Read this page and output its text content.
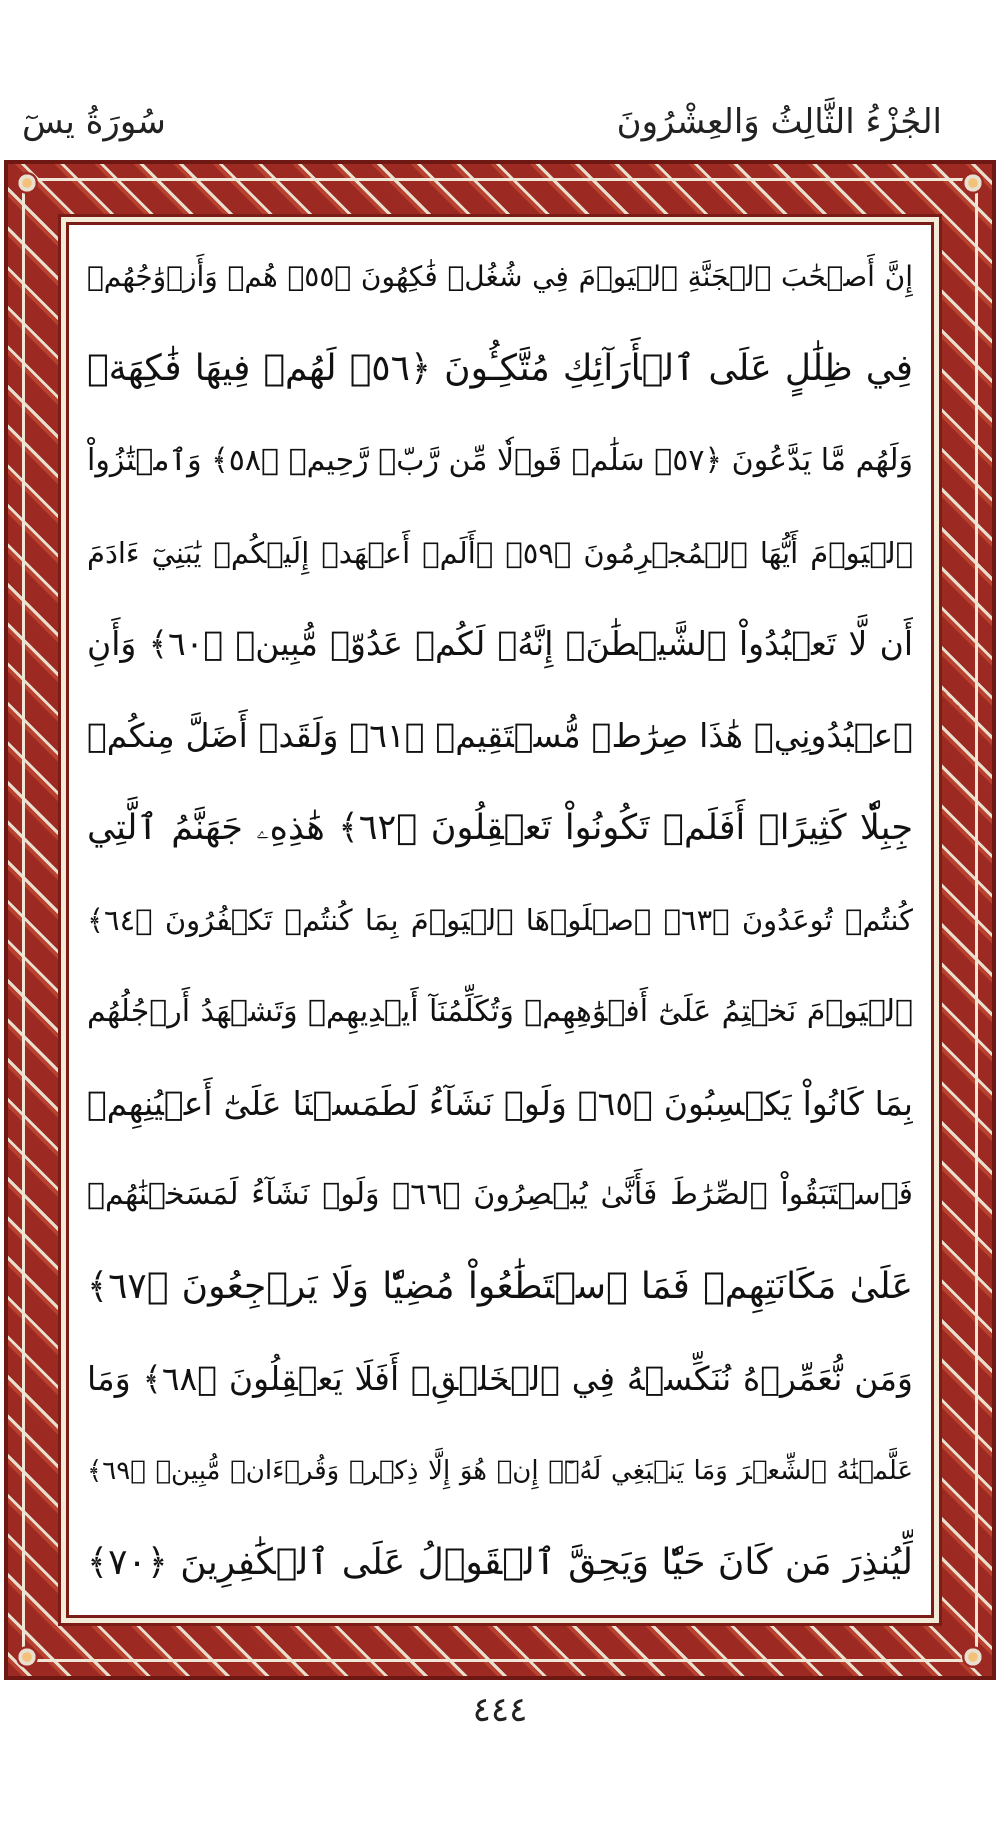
الجُزْءُ الثَّالِثُ وَالعِشْرُونَ
سُورَةُ يسٓ
إِنَّ أَصۡحَٰبَ ٱلۡجَنَّةِ ٱلۡيَوۡمَ فِي شُغُلٖ فَٰكِهُونَ ﴿٥٥﴾ هُمۡ وَأَزۡوَٰجُهُمۡ
فِي ظِلَٰلٍ عَلَى ٱلۡأَرَآئِكِ مُتَّكِـُٔونَ ﴿٥٦﴾ لَهُمۡ فِيهَا فَٰكِهَةٞ
وَلَهُم مَّا يَدَّعُونَ ﴿٥٧﴾ سَلَٰمٞ قَوۡلٗا مِّن رَّبّٖ رَّحِيمٖ ﴿٥٨﴾ وَٱمۡتَٰزُواْ
ٱلۡيَوۡمَ أَيُّهَا ٱلۡمُجۡرِمُونَ ﴿٥٩﴾ ۞أَلَمۡ أَعۡهَدۡ إِلَيۡكُمۡ يَٰبَنِيٓ ءَادَمَ
أَن لَّا تَعۡبُدُواْ ٱلشَّيۡطَٰنَۖ إِنَّهُۥ لَكُمۡ عَدُوّٞ مُّبِينٞ ﴿٦٠﴾ وَأَنِ
ٱعۡبُدُونِيۚ هَٰذَا صِرَٰطٞ مُّسۡتَقِيمٞ ﴿٦١﴾ وَلَقَدۡ أَضَلَّ مِنكُمۡ
جِبِلّٗا كَثِيرًاۖ أَفَلَمۡ تَكُونُواْ تَعۡقِلُونَ ﴿٦٢﴾ هَٰذِهِۦ جَهَنَّمُ ٱلَّتِي
كُنتُمۡ تُوعَدُونَ ﴿٦٣﴾ ٱصۡلَوۡهَا ٱلۡيَوۡمَ بِمَا كُنتُمۡ تَكۡفُرُونَ ﴿٦٤﴾
ٱلۡيَوۡمَ نَخۡتِمُ عَلَىٰٓ أَفۡوَٰهِهِمۡ وَتُكَلِّمُنَآ أَيۡدِيهِمۡ وَتَشۡهَدُ أَرۡجُلُهُم
بِمَا كَانُواْ يَكۡسِبُونَ ﴿٦٥﴾ وَلَوۡ نَشَآءُ لَطَمَسۡنَا عَلَىٰٓ أَعۡيُنِهِمۡ
فَٱسۡتَبَقُواْ ٱلصِّرَٰطَ فَأَنَّىٰ يُبۡصِرُونَ ﴿٦٦﴾ وَلَوۡ نَشَآءُ لَمَسَخۡنَٰهُمۡ
عَلَىٰ مَكَانَتِهِمۡ فَمَا ٱسۡتَطَٰعُواْ مُضِيّٗا وَلَا يَرۡجِعُونَ ﴿٦٧﴾
وَمَن نُّعَمِّرۡهُ نُنَكِّسۡهُ فِي ٱلۡخَلۡقِۚ أَفَلَا يَعۡقِلُونَ ﴿٦٨﴾ وَمَا
عَلَّمۡنَٰهُ ٱلشِّعۡرَ وَمَا يَنۢبَغِي لَهُۥٓۚ إِنۡ هُوَ إِلَّا ذِكۡرٞ وَقُرۡءَانٞ مُّبِينٞ ﴿٦٩﴾
لِّيُنذِرَ مَن كَانَ حَيّٗا وَيَحِقَّ ٱلۡقَوۡلُ عَلَى ٱلۡكَٰفِرِينَ ﴿٧٠﴾
٤٤٤
